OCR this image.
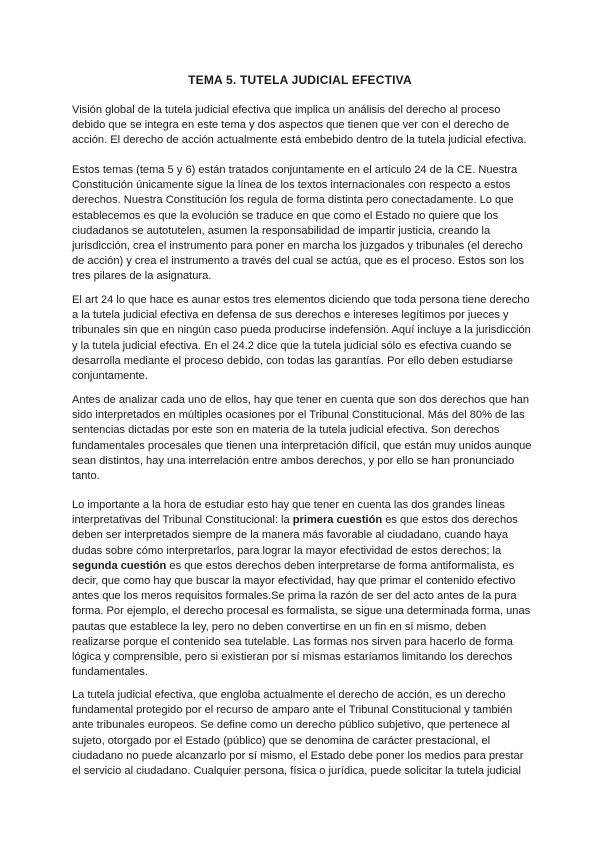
TEMA 5. TUTELA JUDICIAL EFECTIVA

Visión global de la tutela judicial efectiva que implica un análisis del derecho al proceso debido que se integra en este tema y dos aspectos que tienen que ver con el derecho de acción. El derecho de acción actualmente está embebido dentro de la tutela judicial efectiva.

Estos temas (tema 5 y 6) están tratados conjuntamente en el artículo 24 de la CE. Nuestra Constitución únicamente sigue la línea de los textos internacionales con respecto a estos derechos. Nuestra Constitución los regula de forma distinta pero conectadamente. Lo que establecemos es que la evolución se traduce en que como el Estado no quiere que los ciudadanos se autotutelen, asumen la responsabilidad de impartir justicia, creando la jurisdicción, crea el instrumento para poner en marcha los juzgados y tribunales (el derecho de acción) y crea el instrumento a través del cual se actúa, que es el proceso. Estos son los tres pilares de la asignatura.

El art 24 lo que hace es aunar estos tres elementos diciendo que toda persona tiene derecho a la tutela judicial efectiva en defensa de sus derechos e intereses legítimos por jueces y tribunales sin que en ningún caso pueda producirse indefensión. Aquí incluye a la jurisdicción y la tutela judicial efectiva. En el 24.2 dice que la tutela judicial sólo es efectiva cuando se desarrolla mediante el proceso debido, con todas las garantías. Por ello deben estudiarse conjuntamente.

Antes de analizar cada uno de ellos, hay que tener en cuenta que son dos derechos que han sido interpretados en múltiples ocasiones por el Tribunal Constitucional. Más del 80% de las sentencias dictadas por este son en materia de la tutela judicial efectiva. Son derechos fundamentales procesales que tienen una interpretación difícil, que están muy unidos aunque sean distintos, hay una interrelación entre ambos derechos, y por ello se han pronunciado tanto.

Lo importante a la hora de estudiar esto hay que tener en cuenta las dos grandes líneas interpretativas del Tribunal Constitucional: la primera cuestión es que estos dos derechos deben ser interpretados siempre de la manera más favorable al ciudadano, cuando haya dudas sobre cómo interpretarlos, para lograr la mayor efectividad de estos derechos; la segunda cuestión es que estos derechos deben interpretarse de forma antiformalista, es decir, que como hay que buscar la mayor efectividad, hay que primar el contenido efectivo antes que los meros requisitos formales.Se prima la razón de ser del acto antes de la pura forma. Por ejemplo, el derecho procesal es formalista, se sigue una determinada forma, unas pautas que establece la ley, pero no deben convertirse en un fin en sí mismo, deben realizarse porque el contenido sea tutelable. Las formas nos sirven para hacerlo de forma lógica y comprensible, pero si existieran por sí mismas estaríamos limitando los derechos fundamentales.

La tutela judicial efectiva, que engloba actualmente el derecho de acción, es un derecho fundamental protegido por el recurso de amparo ante el Tribunal Constitucional y también ante tribunales europeos. Se define como un derecho público subjetivo, que pertenece al sujeto, otorgado por el Estado (público) que se denomina de carácter prestacional, el ciudadano no puede alcanzarlo por sí mismo, el Estado debe poner los medios para prestar el servicio al ciudadano. Cualquier persona, física o jurídica, puede solicitar la tutela judicial
